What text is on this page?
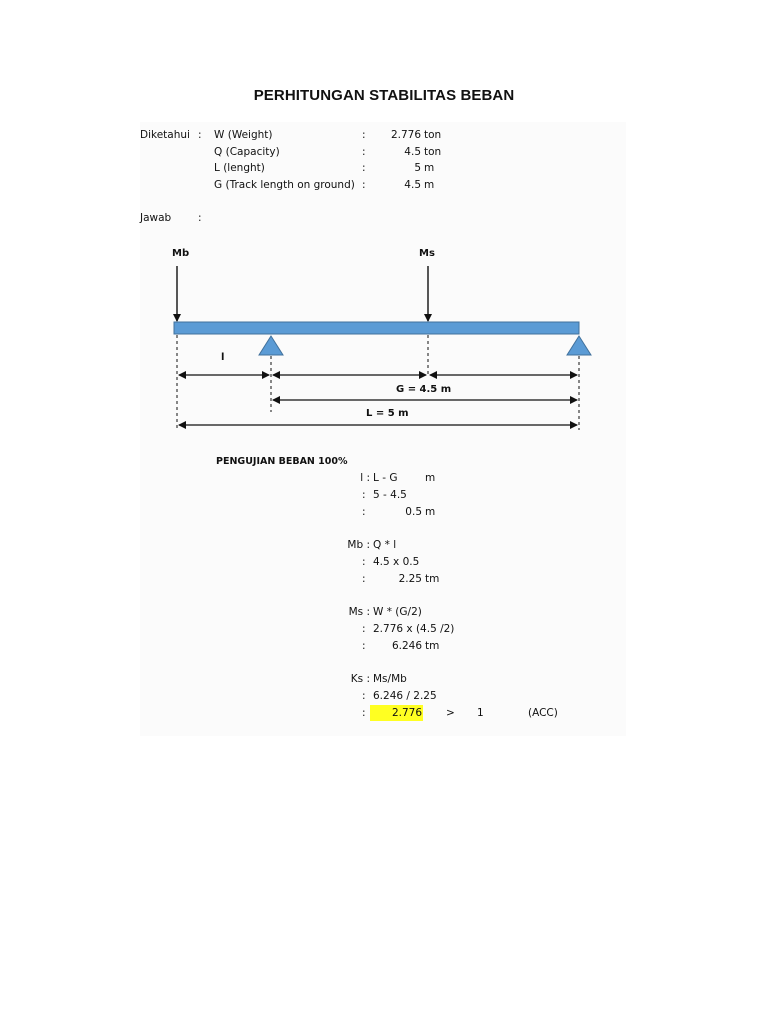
PERHITUNGAN STABILITAS BEBAN
Diketahui : W (Weight)	:	2.776 ton
Q (Capacity)	:	4.5 ton
L (lenght)	:	5 m
G (Track length on ground) :	4.5 m
Jawab	:
Mb	Ms
l
G = 4.5 m
L = 5 m
PENGUJIAN BEBAN 100%
l : L - G	m
: 5 - 4.5
:	0.5 m
Mb : Q * l
: 4.5 x 0.5
:	2.25 tm
Ms : W * (G/2)
: 2.776 x (4.5 /2)
:	6.246 tm
Ks : Ms/Mb
: 6.246 / 2.25
:	2.776 > 1	(ACC)
